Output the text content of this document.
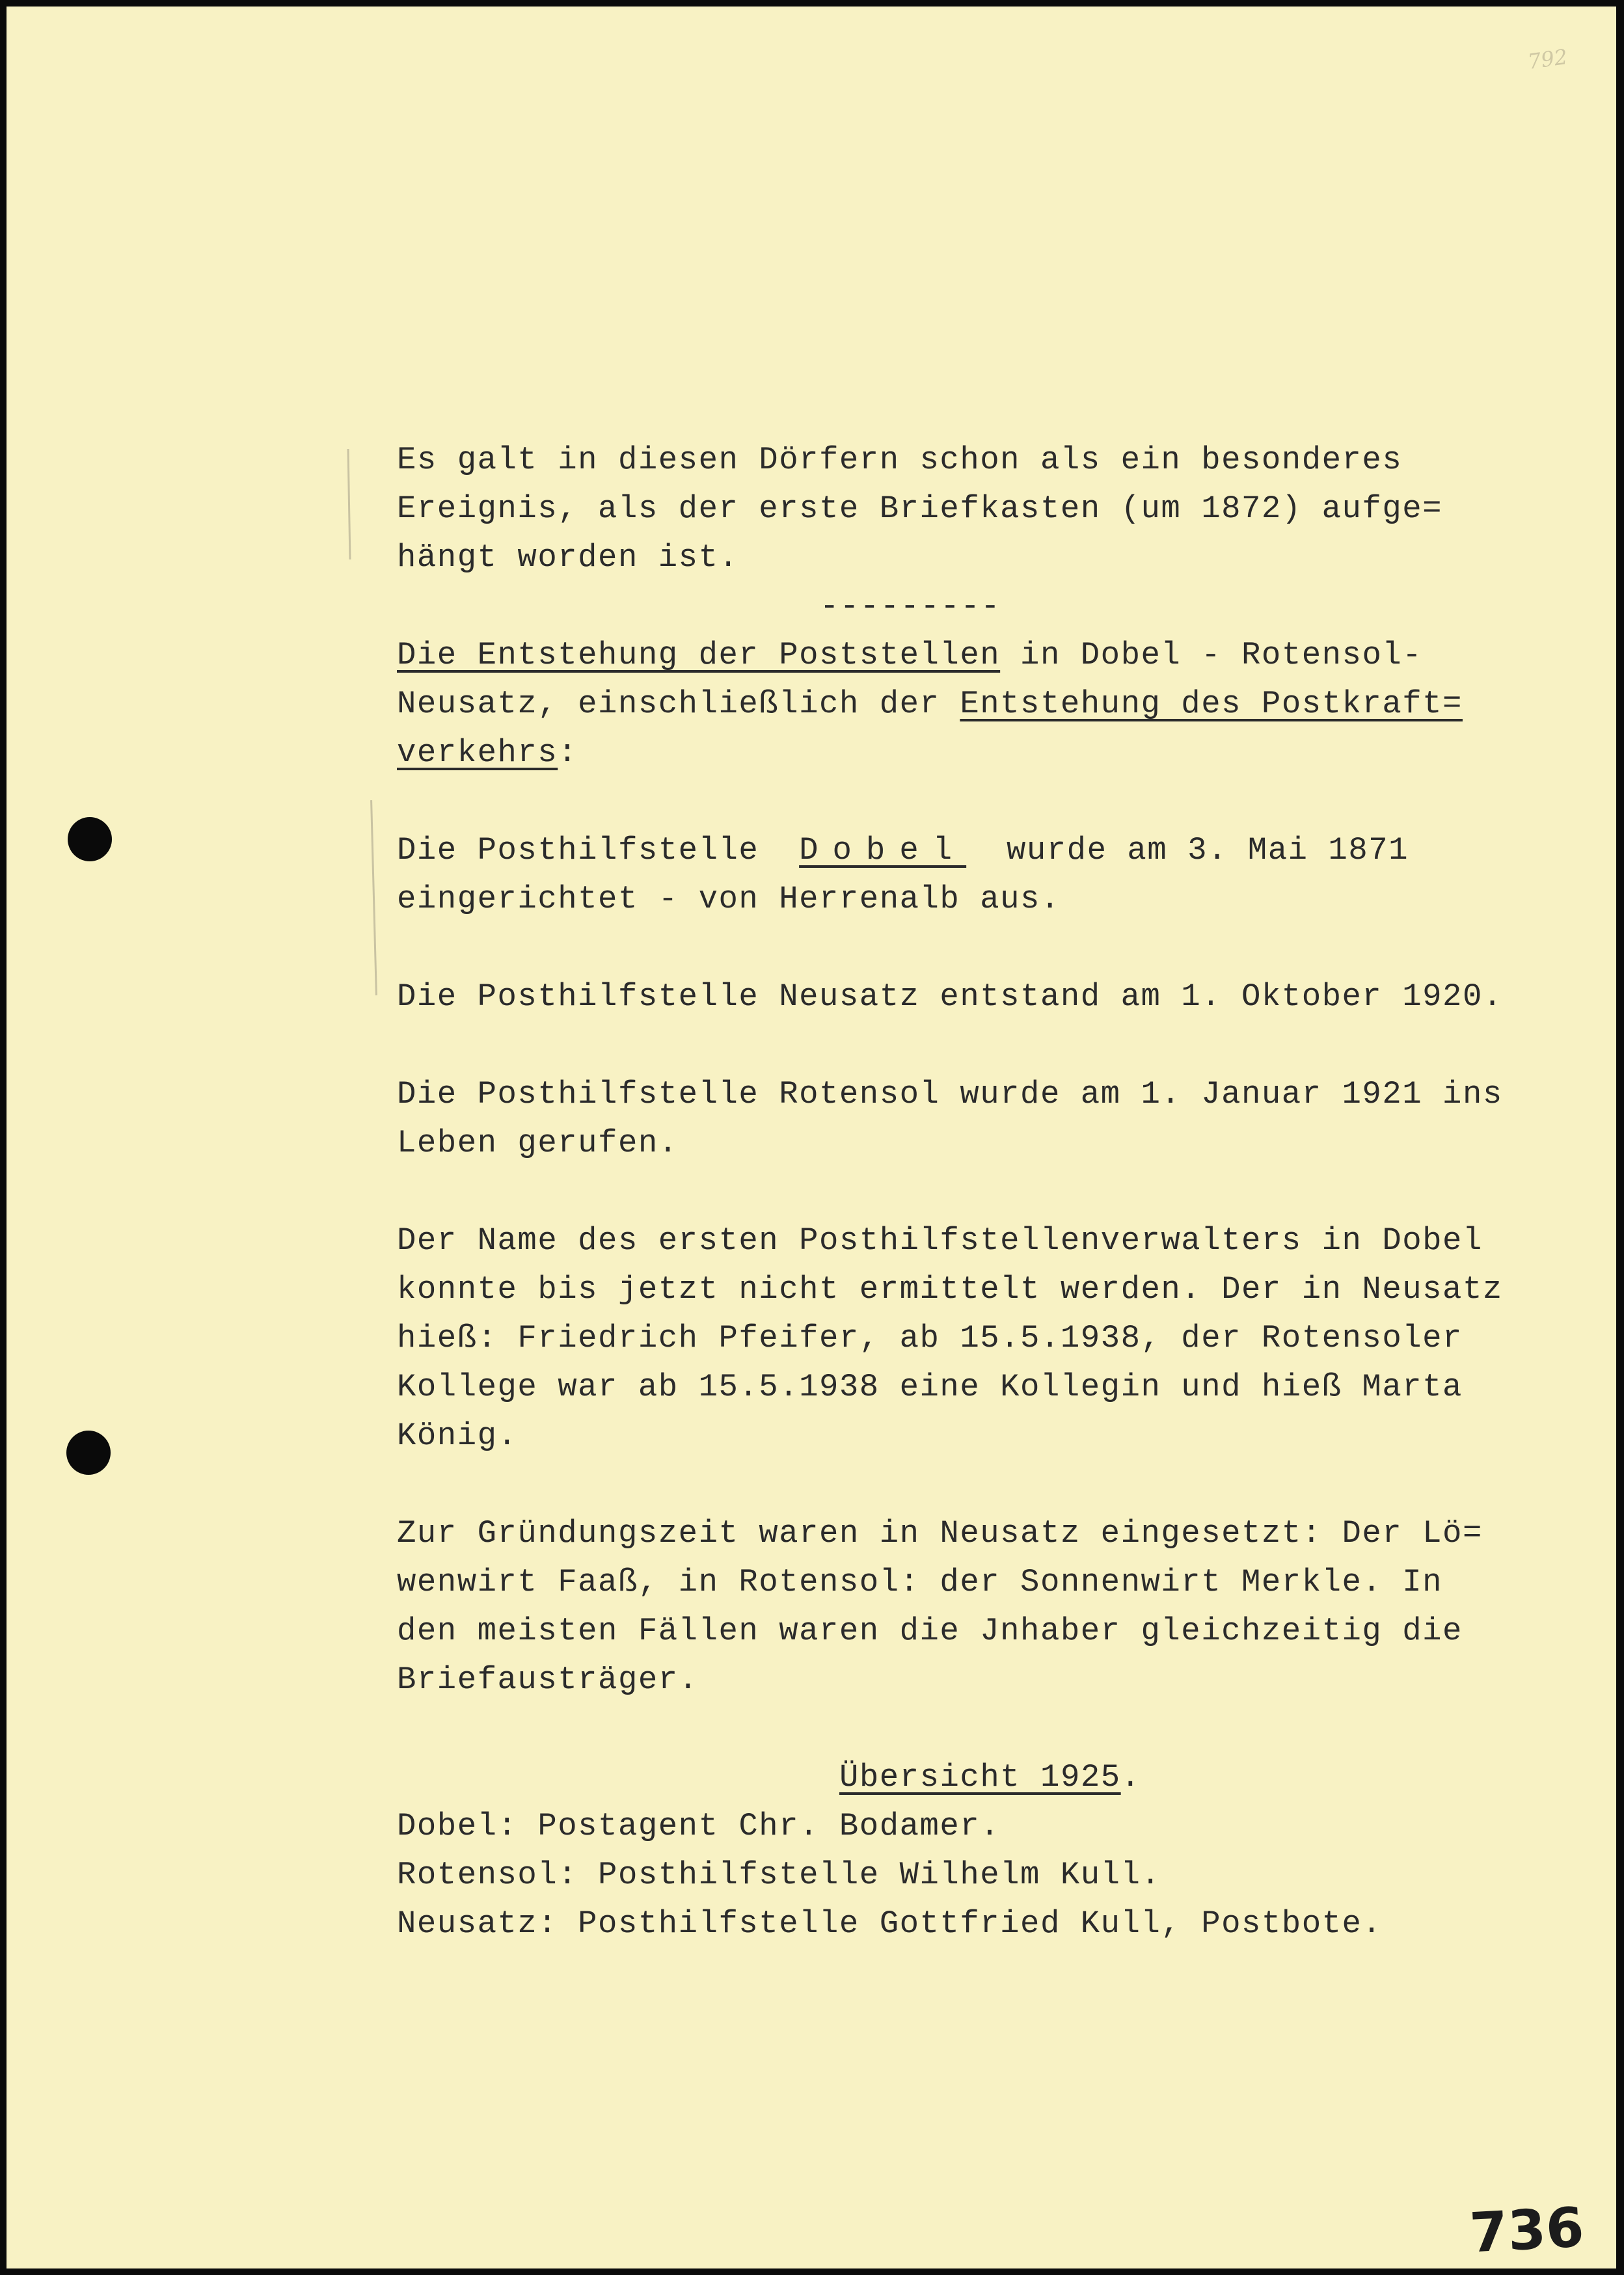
792
Es galt in diesen Dörfern schon als ein besonderes
Ereignis, als der erste Briefkasten (um 1872) aufge=
hängt worden ist.
---------
Die Entstehung der Poststellen in Dobel - Rotensol-
Neusatz, einschließlich der Entstehung des Postkraft=
verkehrs:
Die Posthilfstelle  Dobel  wurde am 3. Mai 1871
eingerichtet - von Herrenalb aus.
Die Posthilfstelle Neusatz entstand am 1. Oktober 1920.
Die Posthilfstelle Rotensol wurde am 1. Januar 1921 ins
Leben gerufen.
Der Name des ersten Posthilfstellenverwalters in Dobel
konnte bis jetzt nicht ermittelt werden. Der in Neusatz
hieß: Friedrich Pfeifer, ab 15.5.1938, der Rotensoler
Kollege war ab 15.5.1938 eine Kollegin und hieß Marta
König.
Zur Gründungszeit waren in Neusatz eingesetzt: Der Lö=
wenwirt Faaß, in Rotensol: der Sonnenwirt Merkle. In
den meisten Fällen waren die Jnhaber gleichzeitig die
Briefausträger.
Übersicht 1925.
Dobel: Postagent Chr. Bodamer.
Rotensol: Posthilfstelle Wilhelm Kull.
Neusatz: Posthilfstelle Gottfried Kull, Postbote.
736
